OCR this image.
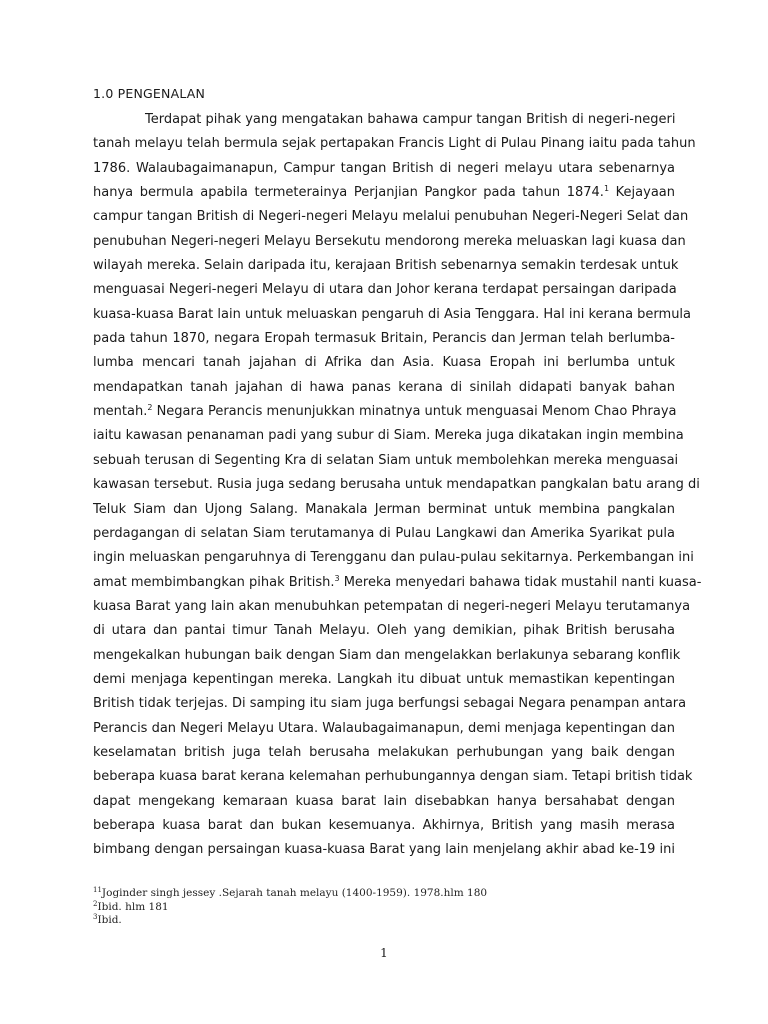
1.0 PENGENALAN
Terdapat pihak yang mengatakan bahawa campur tangan British di negeri-negeri
tanah melayu telah bermula sejak pertapakan Francis Light di Pulau Pinang iaitu pada tahun
1786. Walaubagaimanapun, Campur tangan British di negeri melayu utara sebenarnya
hanya bermula apabila termeterainya Perjanjian Pangkor pada tahun 1874.$^1$ Kejayaan
campur tangan British di Negeri-negeri Melayu melalui penubuhan Negeri-Negeri Selat dan
penubuhan Negeri-negeri Melayu Bersekutu mendorong mereka meluaskan lagi kuasa dan
wilayah mereka. Selain daripada itu, kerajaan British sebenarnya semakin terdesak untuk
menguasai Negeri-negeri Melayu di utara dan Johor kerana terdapat persaingan daripada
kuasa-kuasa Barat lain untuk meluaskan pengaruh di Asia Tenggara. Hal ini kerana bermula
pada tahun 1870, negara Eropah termasuk Britain, Perancis dan Jerman telah berlumba-
lumba mencari tanah jajahan di Afrika dan Asia. Kuasa Eropah ini berlumba untuk
mendapatkan tanah jajahan di hawa panas kerana di sinilah didapati banyak bahan
mentah.$^2$ Negara Perancis menunjukkan minatnya untuk menguasai Menom Chao Phraya
iaitu kawasan penanaman padi yang subur di Siam. Mereka juga dikatakan ingin membina
sebuah terusan di Segenting Kra di selatan Siam untuk membolehkan mereka menguasai
kawasan tersebut. Rusia juga sedang berusaha untuk mendapatkan pangkalan batu arang di
Teluk Siam dan Ujong Salang. Manakala Jerman berminat untuk membina pangkalan
perdagangan di selatan Siam terutamanya di Pulau Langkawi dan Amerika Syarikat pula
ingin meluaskan pengaruhnya di Terengganu dan pulau-pulau sekitarnya. Perkembangan ini
amat membimbangkan pihak British.$^3$ Mereka menyedari bahawa tidak mustahil nanti kuasa-
kuasa Barat yang lain akan menubuhkan petempatan di negeri-negeri Melayu terutamanya
di utara dan pantai timur Tanah Melayu. Oleh yang demikian, pihak British berusaha
mengekalkan hubungan baik dengan Siam dan mengelakkan berlakunya sebarang konflik
demi menjaga kepentingan mereka. Langkah itu dibuat untuk memastikan kepentingan
British tidak terjejas. Di samping itu siam juga berfungsi sebagai Negara penampan antara
Perancis dan Negeri Melayu Utara. Walaubagaimanapun, demi menjaga kepentingan dan
keselamatan british juga telah berusaha melakukan perhubungan yang baik dengan
beberapa kuasa barat kerana kelemahan perhubungannya dengan siam. Tetapi british tidak
dapat mengekang kemaraan kuasa barat lain disebabkan hanya bersahabat dengan
beberapa kuasa barat dan bukan kesemuanya. Akhirnya, British yang masih merasa
bimbang dengan persaingan kuasa-kuasa Barat yang lain menjelang akhir abad ke-19 ini
$^{11}$Joginder singh jessey .Sejarah tanah melayu (1400-1959). 1978.hlm 180
$^2$Ibid. hlm 181
$^3$Ibid.
1
